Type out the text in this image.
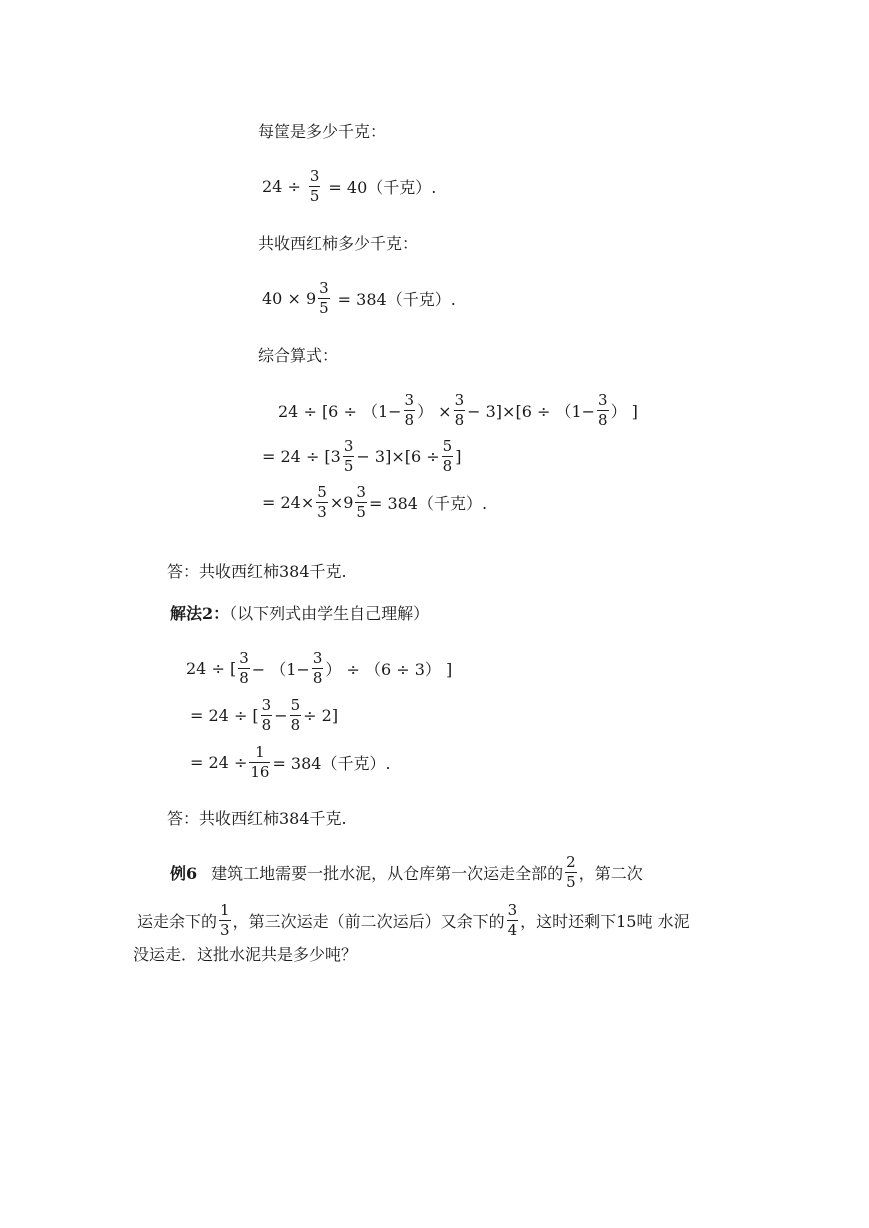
每筐是多少千克：
$24 \div \frac{3}{5} = 40$（千克）.
共收西红柿多少千克：
$40 \times 9 \frac{3}{5} = 384$（千克）.
综合算式：
$24 \div [6 \div (1- \frac{3}{8}$ ） × $\frac{3}{8} - 3]\times[6 \div (1- \frac{3}{8}$ ） ]
= $24 \div [3 \frac{3}{5} - 3]\times[6 \div \frac{5}{8}$ ]
= $24\times \frac{5}{3} \times 9 \frac{3}{5} = 384$（千克）.
答：共收西红柿384千克.
解法2：（以下列式由学生自己理解）
24 ÷ [ $\frac{3}{8} - (1- \frac{3}{8}$ ） ÷ （6 ÷ 3） ]
= 24 ÷ [ $\frac{3}{8} - \frac{5}{8} \div 2$]
= $24 \div \frac{1}{16} = 384$（千克）.
答：共收西红柿384千克.
例6 建筑工地需要一批水泥，从仓库第一次运走全部的 $\frac{2}{5}$ ，第二次
运走余下的 $\frac{1}{3}$ ，第三次运走（前二次运后）又余下的 $\frac{3}{4}$ ，这时还剩下15吨 水泥
没运走．这批水泥共是多少吨？
